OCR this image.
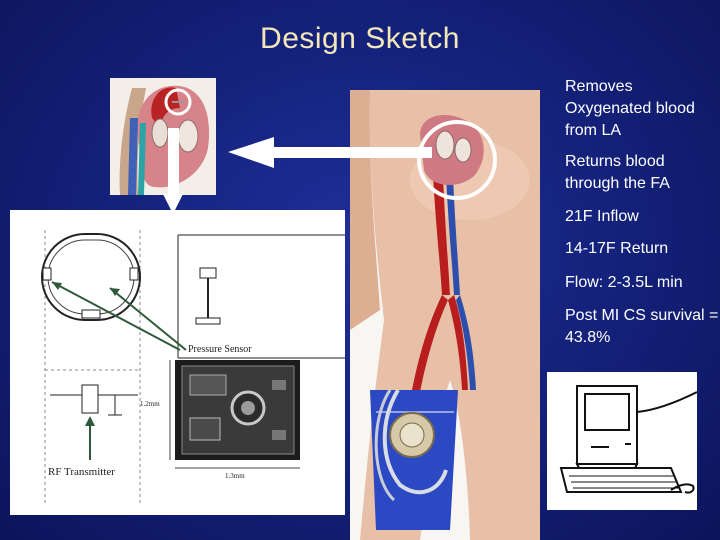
Design Sketch
Removes Oxygenated blood from LA
Returns blood through the FA
21F Inflow
14-17F Return
Flow: 2-3.5L min
Post MI CS survival = 43.8%
Pressure Sensor
RF Transmitter
1.2mm
1.3mm
